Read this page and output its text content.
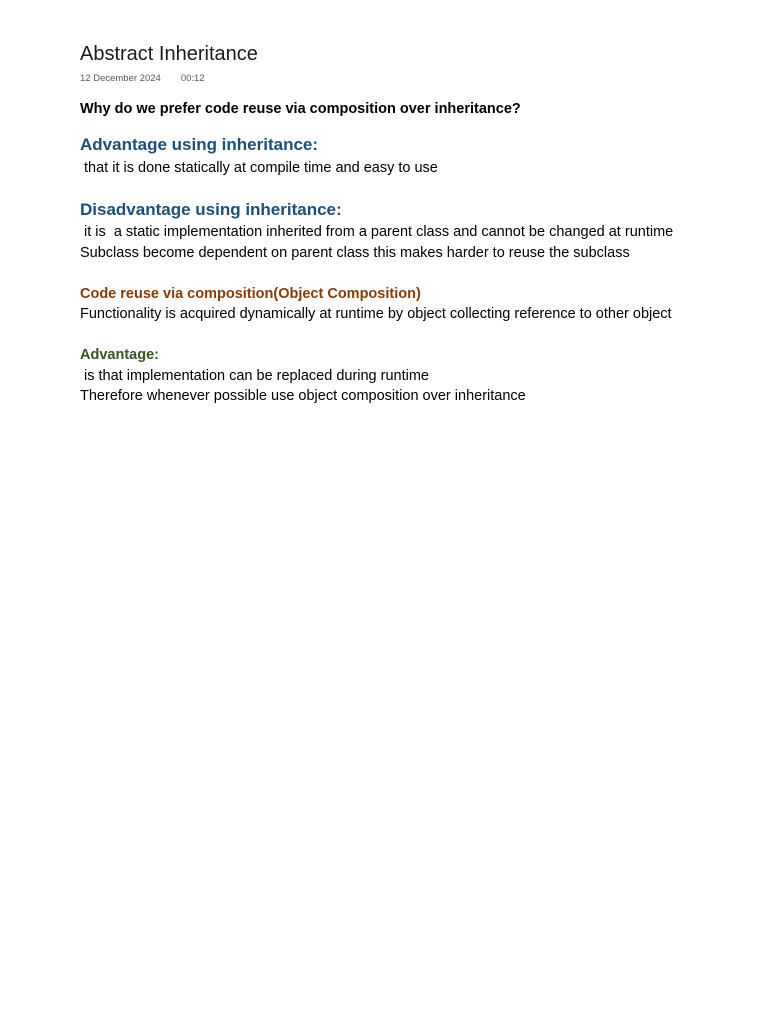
Abstract Inheritance
12 December 2024 00:12
Why do we prefer code reuse via composition over inheritance?
Advantage using inheritance:
that it is done statically at compile time and easy to use
Disadvantage using inheritance:
it is  a static implementation inherited from a parent class and cannot be changed at runtime
Subclass become dependent on parent class this makes harder to reuse the subclass
Code reuse via composition(Object Composition)
Functionality is acquired dynamically at runtime by object collecting reference to other object
Advantage:
is that implementation can be replaced during runtime
Therefore whenever possible use object composition over inheritance
